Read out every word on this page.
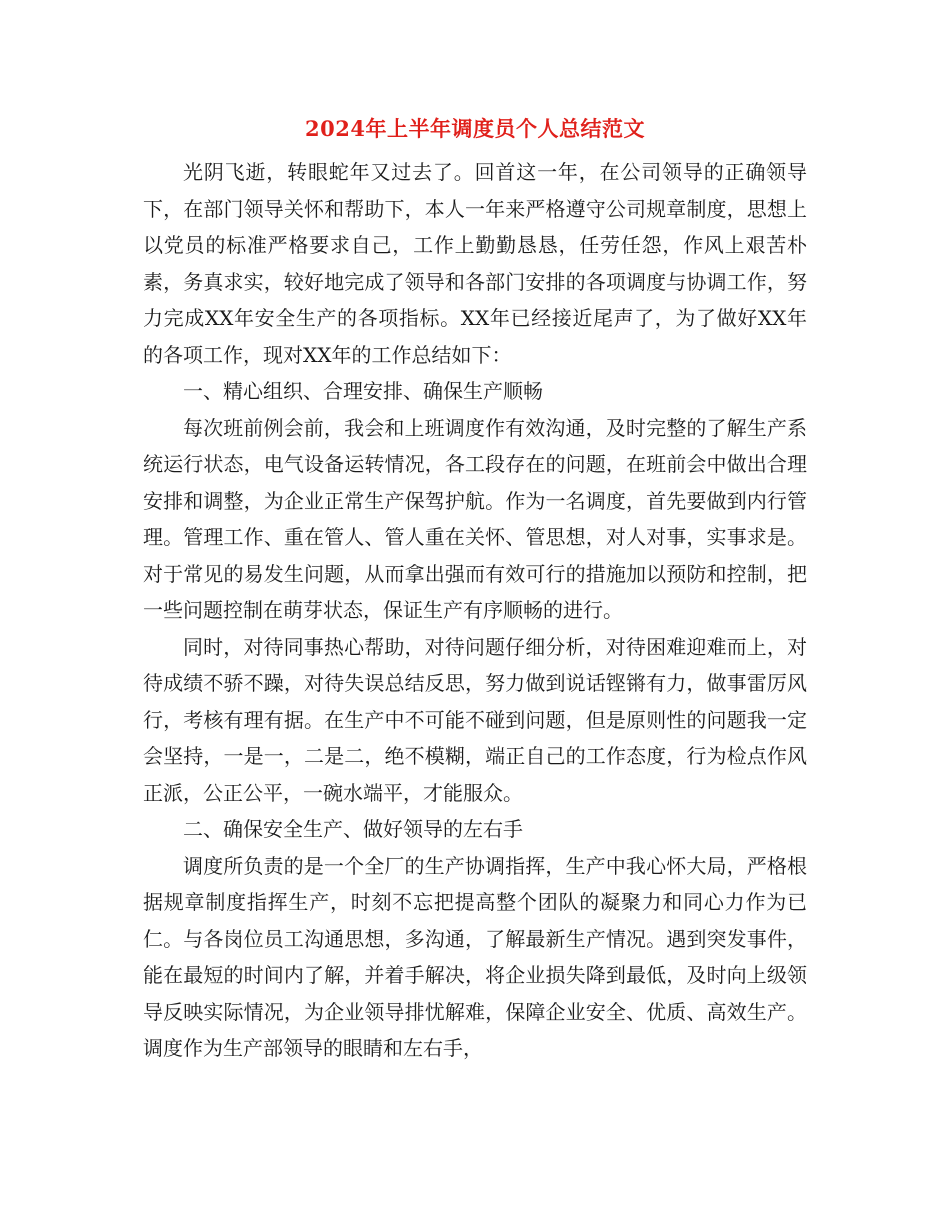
2024年上半年调度员个人总结范文

光阴飞逝，转眼蛇年又过去了。回首这一年，在公司领导的正确领导下，在部门领导关怀和帮助下，本人一年来严格遵守公司规章制度，思想上以党员的标准严格要求自己，工作上勤勤恳恳，任劳任怨，作风上艰苦朴素，务真求实，较好地完成了领导和各部门安排的各项调度与协调工作，努力完成XX年安全生产的各项指标。XX年已经接近尾声了，为了做好XX年的各项工作，现对XX年的工作总结如下：

一、精心组织、合理安排、确保生产顺畅

每次班前例会前，我会和上班调度作有效沟通，及时完整的了解生产系统运行状态，电气设备运转情况，各工段存在的问题，在班前会中做出合理安排和调整，为企业正常生产保驾护航。作为一名调度，首先要做到内行管理。管理工作、重在管人、管人重在关怀、管思想，对人对事，实事求是。对于常见的易发生问题，从而拿出强而有效可行的措施加以预防和控制，把一些问题控制在萌芽状态，保证生产有序顺畅的进行。

同时，对待同事热心帮助，对待问题仔细分析，对待困难迎难而上，对待成绩不骄不躁，对待失误总结反思，努力做到说话铿锵有力，做事雷厉风行，考核有理有据。在生产中不可能不碰到问题，但是原则性的问题我一定会坚持，一是一，二是二，绝不模糊，端正自己的工作态度，行为检点作风正派，公正公平，一碗水端平，才能服众。

二、确保安全生产、做好领导的左右手

调度所负责的是一个全厂的生产协调指挥，生产中我心怀大局，严格根据规章制度指挥生产，时刻不忘把提高整个团队的凝聚力和同心力作为已仁。与各岗位员工沟通思想，多沟通，了解最新生产情况。遇到突发事件，能在最短的时间内了解，并着手解决，将企业损失降到最低，及时向上级领导反映实际情况，为企业领导排忧解难，保障企业安全、优质、高效生产。调度作为生产部领导的眼睛和左右手，
